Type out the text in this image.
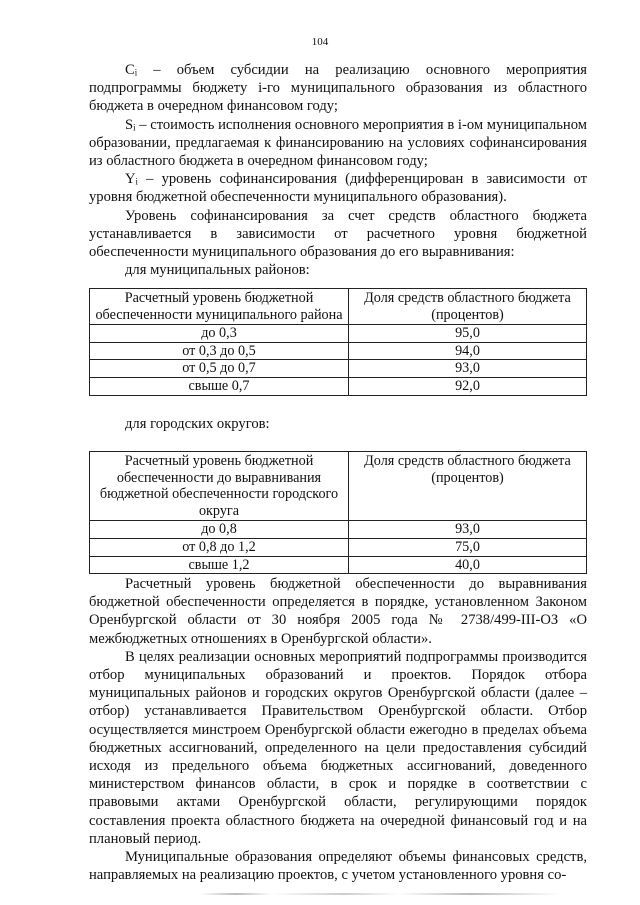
104

Cᵢ – объем субсидии на реализацию основного мероприятия подпрограммы бюджету i-го муниципального образования из областного бюджета в очередном финансовом году;

Sᵢ – стоимость исполнения основного мероприятия в i-ом муниципальном образовании, предлагаемая к финансированию на условиях софинансирования из областного бюджета в очередном финансовом году;

Yᵢ – уровень софинансирования (дифференцирован в зависимости от уровня бюджетной обеспеченности муниципального образования).

Уровень софинансирования за счет средств областного бюджета устанавливается в зависимости от расчетного уровня бюджетной обеспеченности муниципального образования до его выравнивания:

для муниципальных районов:

Расчетный уровень бюджетной обеспеченности муниципального района	Доля средств областного бюджета (процентов)
до 0,3	95,0
от 0,3 до 0,5	94,0
от 0,5 до 0,7	93,0
свыше 0,7	92,0

для городских округов:

Расчетный уровень бюджетной обеспеченности до выравнивания бюджетной обеспеченности городского округа	Доля средств областного бюджета (процентов)
до 0,8	93,0
от 0,8 до 1,2	75,0
свыше 1,2	40,0

Расчетный уровень бюджетной обеспеченности до выравнивания бюджетной обеспеченности определяется в порядке, установленном Законом Оренбургской области от 30 ноября 2005 года № 2738/499-III-ОЗ «О межбюджетных отношениях в Оренбургской области».

В целях реализации основных мероприятий подпрограммы производится отбор муниципальных образований и проектов. Порядок отбора муниципальных районов и городских округов Оренбургской области (далее – отбор) устанавливается Правительством Оренбургской области. Отбор осуществляется минстроем Оренбургской области ежегодно в пределах объема бюджетных ассигнований, определенного на цели предоставления субсидий исходя из предельного объема бюджетных ассигнований, доведенного министерством финансов области, в срок и порядке в соответствии с правовыми актами Оренбургской области, регулирующими порядок составления проекта областного бюджета на очередной финансовый год и на плановый период.

Муниципальные образования определяют объемы финансовых средств, направляемых на реализацию проектов, с учетом установленного уровня со-
